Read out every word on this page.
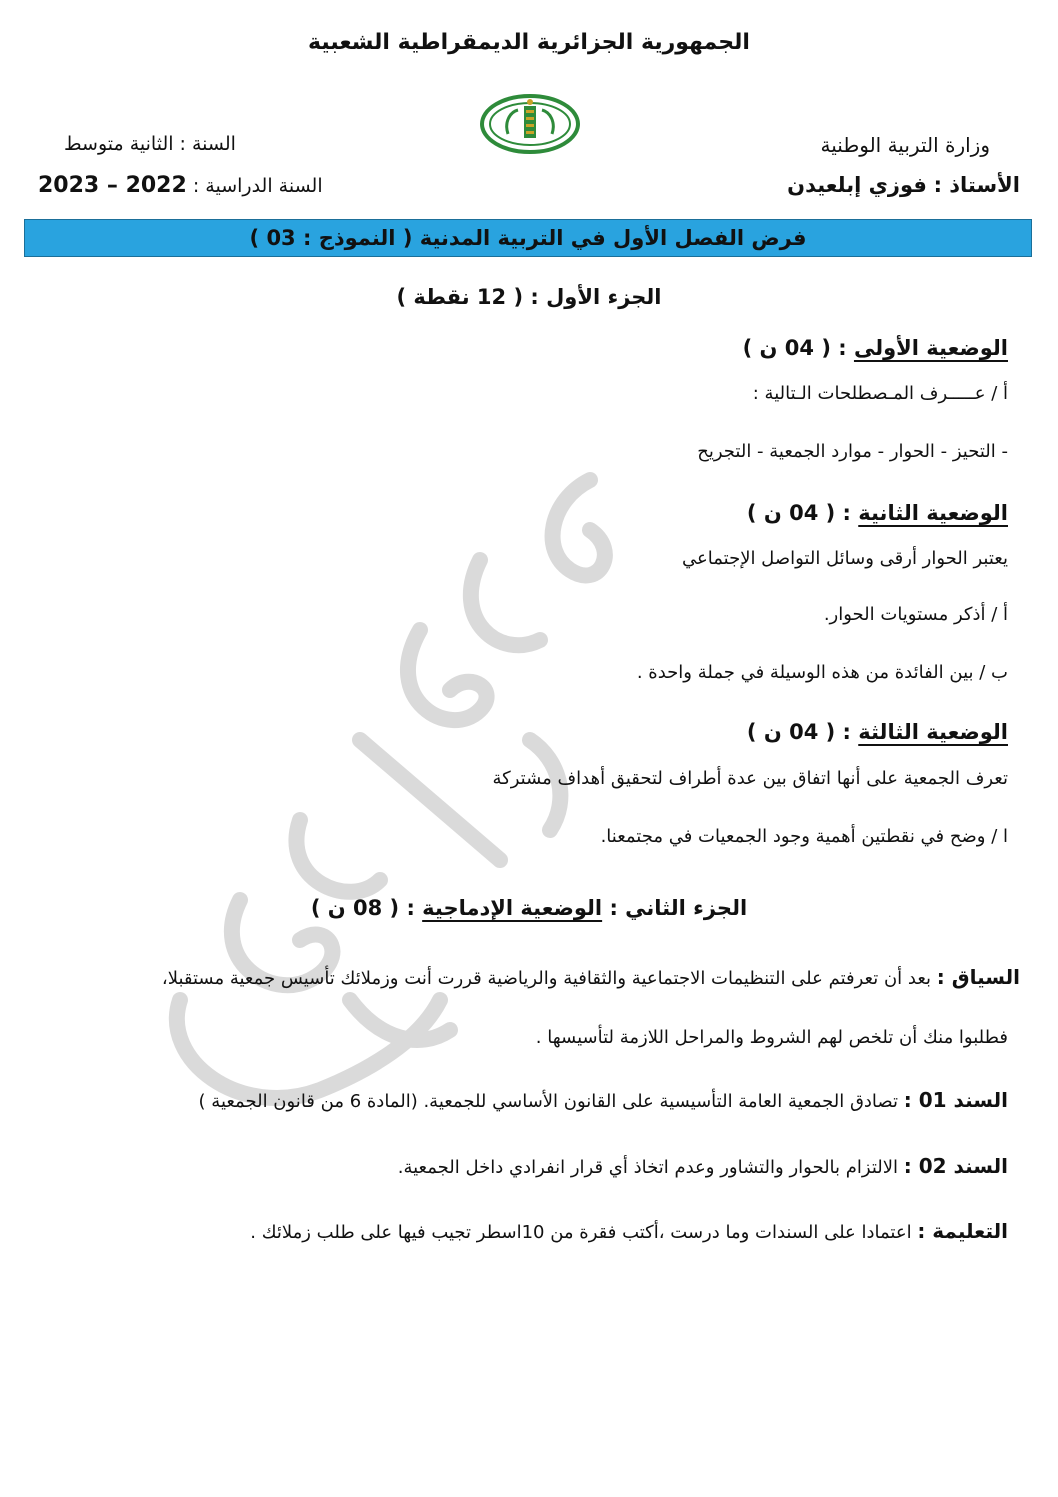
الجمهورية الجزائرية الديمقراطية الشعبية
وزارة التربية الوطنية
الأستاذ : فوزي إبلعيدن
السنة : الثانية متوسط
السنة الدراسية : 2022 – 2023
فرض الفصل الأول في التربية المدنية ( النموذج : 03 )
الجزء الأول : ( 12 نقطة )
الوضعية الأولى : ( 04 ن )
أ / عـــــرف المـصطلحات الـتالية :
- التحيز - الحوار - موارد الجمعية - التجريح
الوضعية الثانية : ( 04 ن )
يعتبر الحوار أرقى وسائل التواصل الإجتماعي
أ / أذكر مستويات الحوار.
ب / بين الفائدة من هذه الوسيلة في جملة واحدة .
الوضعية الثالثة : ( 04 ن )
تعرف الجمعية على أنها اتفاق بين عدة أطراف لتحقيق أهداف مشتركة
ا / وضح في نقطتين أهمية وجود الجمعيات في مجتمعنا.
الجزء الثاني : الوضعية الإدماجية : ( 08 ن )
السياق : بعد أن تعرفتم على التنظيمات الاجتماعية والثقافية والرياضية قررت أنت وزملائك تأسيس جمعية مستقبلا،
فطلبوا منك أن تلخص لهم الشروط والمراحل اللازمة لتأسيسها .
السند 01 : تصادق الجمعية العامة التأسيسية على القانون الأساسي للجمعية. (المادة 6 من قانون الجمعية )
السند 02 : الالتزام بالحوار والتشاور وعدم اتخاذ أي قرار انفرادي داخل الجمعية.
التعليمة : اعتمادا على السندات وما درست ،أكتب فقرة من 10اسطر تجيب فيها على طلب زملائك .
